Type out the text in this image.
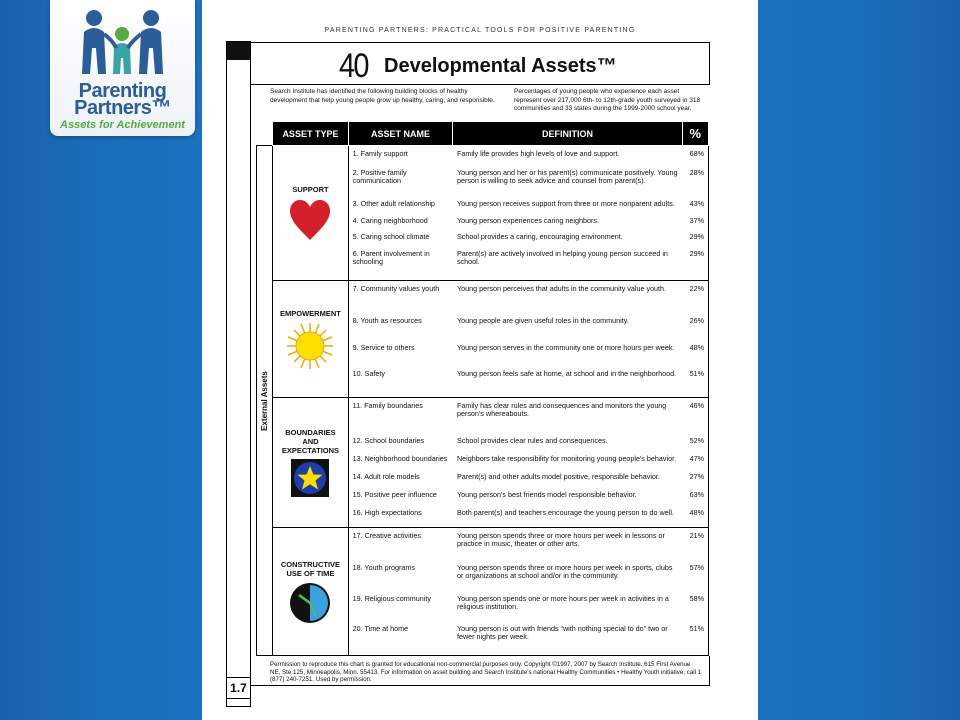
Parenting
Partners™
Assets for Achievement
PARENTING PARTNERS: PRACTICAL TOOLS FOR POSITIVE PARENTING
40 Developmental Assets™
Search Institute has identified the following building blocks of healthy development that help young people grow up healthy, caring, and responsible.
Percentages of young people who experience each asset represent over 217,000 6th- to 12th-grade youth surveyed in 318 communities and 33 states during the 1999-2000 school year.
	ASSET TYPE	ASSET NAME	DEFINITION	%

External Assets	SUPPORT	1. Family support	Family life provides high levels of love and support.	68%
		2. Positive family communication	Young person and her or his parent(s) communicate positively. Young person is willing to seek advice and counsel from parent(s).	28%
		3. Other adult relationship	Young person receives support from three or more nonparent adults.	43%
		4. Caring neighborhood	Young person experiences caring neighbors.	37%
		5. Caring school climate	School provides a caring, encouraging environment.	29%
		6. Parent involvement in schooling	Parent(s) are actively involved in helping young person succeed in school.	29%

	EMPOWERMENT	7. Community values youth	Young person perceives that adults in the community value youth.	22%
		8. Youth as resources	Young people are given useful roles in the community.	26%
		9. Service to others	Young person serves in the community one or more hours per week.	48%
		10. Safety	Young person feels safe at home, at school and in the neighborhood.	51%

	BOUNDARIES AND EXPECTATIONS	11. Family boundaries	Family has clear rules and consequences and monitors the young person's whereabouts.	46%
		12. School boundaries	School provides clear rules and consequences.	52%
		13. Neighborhood boundaries	Neighbors take responsibility for monitoring young people's behavior.	47%
		14. Adult role models	Parent(s) and other adults model positive, responsible behavior.	27%
		15. Positive peer influence	Young person's best friends model responsible behavior.	63%
		16. High expectations	Both parent(s) and teachers encourage the young person to do well.	48%

	CONSTRUCTIVE USE OF TIME	17. Creative activities	Young person spends three or more hours per week in lessons or practice in music, theater or other arts.	21%
		18. Youth programs	Young person spends three or more hours per week in sports, clubs or organizations at school and/or in the community.	57%
		19. Religious community	Young person spends one or more hours per week in activities in a religious institution.	58%
		20. Time at home	Young person is out with friends “with nothing special to do” two or fewer nights per week.	51%
Permission to reproduce this chart is granted for educational non-commercial purposes only. Copyright ©1997, 2007 by Search Institute, 615 First Avenue NE, Ste.125, Minneapolis, Minn. 55413. For information on asset building and Search Institute's national Healthy Communities • Healthy Youth initiative, call 1 (877) 240-7251. Used by permission.
1.7
